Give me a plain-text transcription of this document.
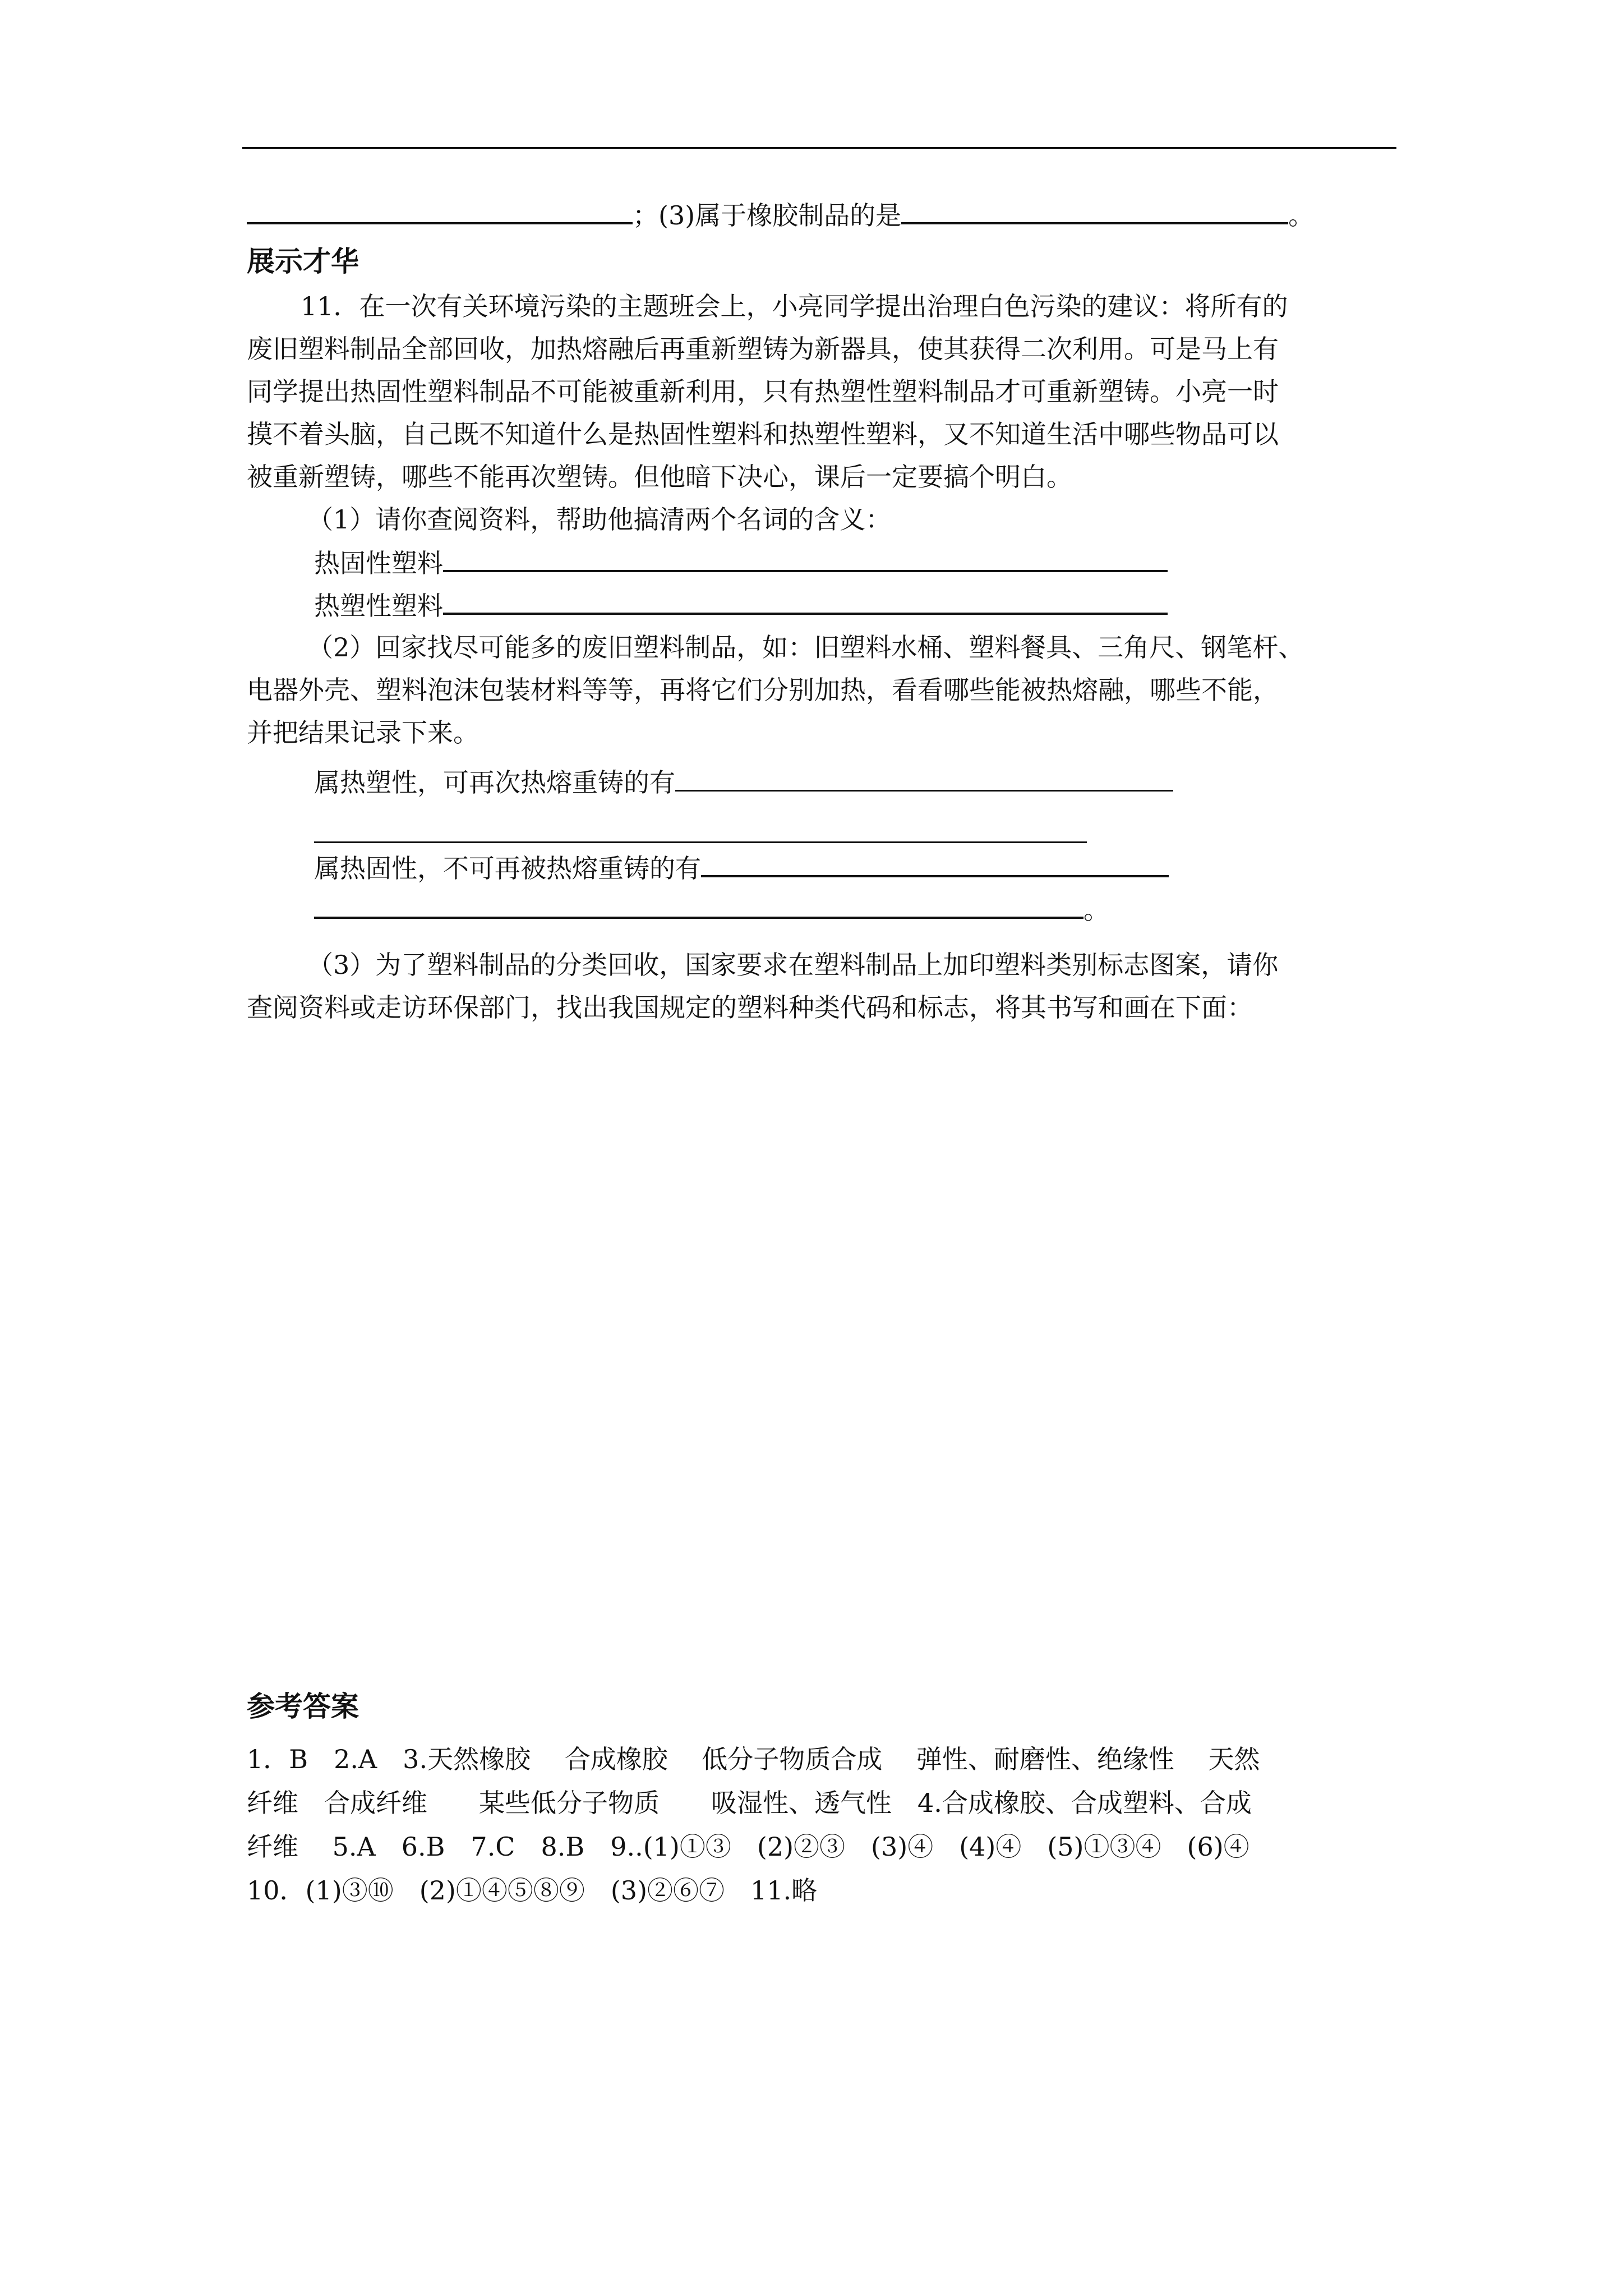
；(3)属于橡胶制品的是	。
展示才华
11．在一次有关环境污染的主题班会上，小亮同学提出治理白色污染的建议：将所有的
废旧塑料制品全部回收，加热熔融后再重新塑铸为新器具，使其获得二次利用。可是马上有
同学提出热固性塑料制品不可能被重新利用，只有热塑性塑料制品才可重新塑铸。小亮一时
摸不着头脑，自己既不知道什么是热固性塑料和热塑性塑料，又不知道生活中哪些物品可以
被重新塑铸，哪些不能再次塑铸。但他暗下决心，课后一定要搞个明白。
（1）请你查阅资料，帮助他搞清两个名词的含义：
热固性塑料
热塑性塑料
（2）回家找尽可能多的废旧塑料制品，如：旧塑料水桶、塑料餐具、三角尺、钢笔杆、
电器外壳、塑料泡沫包装材料等等，再将它们分别加热，看看哪些能被热熔融，哪些不能，
并把结果记录下来。
属热塑性，可再次热熔重铸的有
属热固性，不可再被热熔重铸的有
。
（3）为了塑料制品的分类回收，国家要求在塑料制品上加印塑料类别标志图案，请你
查阅资料或走访环保部门，找出我国规定的塑料种类代码和标志，将其书写和画在下面：
参考答案
1．B　2.A　3.天然橡胶　 合成橡胶　 低分子物质合成　 弹性、耐磨性、绝缘性　 天然
纤维　合成纤维　　某些低分子物质　　吸湿性、透气性　4.合成橡胶、合成塑料、合成
纤维　 5.A　6.B　7.C　8.B　9..(1)①③　(2)②③　(3)④　(4)④　(5)①③④　(6)④
10．(1)③⑩　(2)①④⑤⑧⑨　(3)②⑥⑦　11.略
